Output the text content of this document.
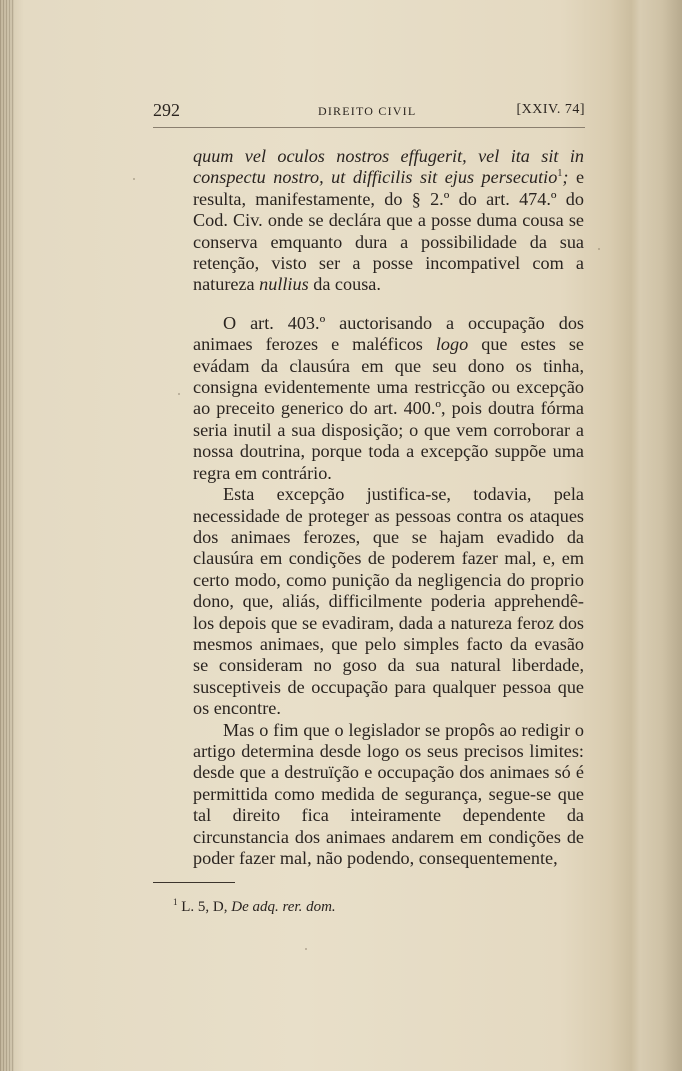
292	DIREITO CIVIL	[XXIV. 74]

quum vel oculos nostros effugerit, vel ita sit in conspectu nostro, ut difficilis sit ejus persecutio$^1$; e resulta, manifestamente, do § 2.º do art. 474.º do Cod. Civ. onde se declára que a posse duma cousa se conserva emquanto dura a possibilidade da sua retenção, visto ser a posse incompativel com a natureza nullius da cousa.

O art. 403.º auctorisando a occupação dos animaes ferozes e maléficos logo que estes se evádam da clausúra em que seu dono os tinha, consigna evidentemente uma restricção ou excepção ao preceito generico do art. 400.º, pois doutra fórma seria inutil a sua disposição; o que vem corroborar a nossa doutrina, porque toda a excepção suppõe uma regra em contrário.

Esta excepção justifica-se, todavia, pela necessidade de proteger as pessoas contra os ataques dos animaes ferozes, que se hajam evadido da clausúra em condições de poderem fazer mal, e, em certo modo, como punição da negligencia do proprio dono, que, aliás, difficilmente poderia apprehendê-los depois que se evadiram, dada a natureza feroz dos mesmos animaes, que pelo simples facto da evasão se consideram no goso da sua natural liberdade, susceptiveis de occupação para qualquer pessoa que os encontre.

Mas o fim que o legislador se propôs ao redigir o artigo determina desde logo os seus precisos limites: desde que a destruïção e occupação dos animaes só é permittida como medida de segurança, segue-se que tal direito fica inteiramente dependente da circunstancia dos animaes andarem em condições de poder fazer mal, não podendo, consequentemente,

$^1$ L. 5, D, De adq. rer. dom.
